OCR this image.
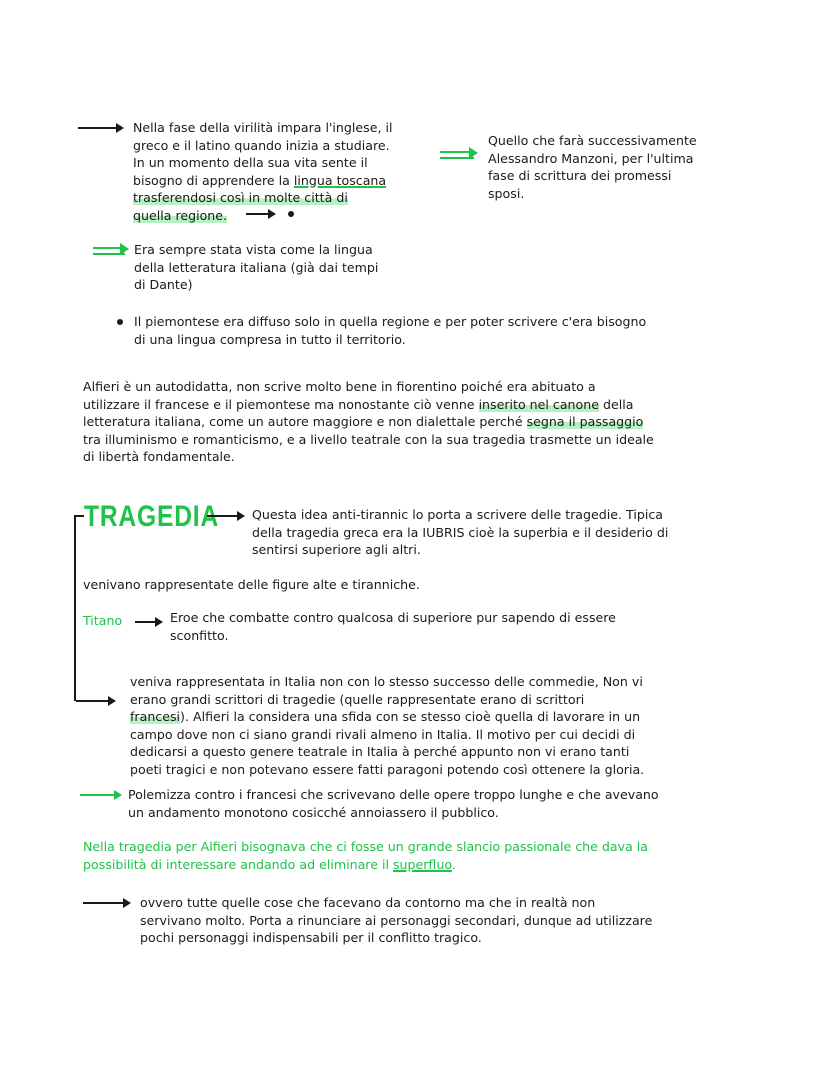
Nella fase della virilità impara l'inglese, il
greco e il latino quando inizia a studiare.
In un momento della sua vita sente il
bisogno di apprendere la lingua toscana
trasferendosi così in molte città di
quella regione.
Quello che farà successivamente
Alessandro Manzoni, per l'ultima
fase di scrittura dei promessi
sposi.
Era sempre stata vista come la lingua
della letteratura italiana (già dai tempi
di Dante)
Il piemontese era diffuso solo in quella regione e per poter scrivere c'era bisogno
di una lingua compresa in tutto il territorio.
Alfieri è un autodidatta, non scrive molto bene in fiorentino poiché era abituato a
utilizzare il francese e il piemontese ma nonostante ciò venne inserito nel canone della
letteratura italiana, come un autore maggiore e non dialettale perché segna il passaggio
tra illuminismo e romanticismo, e a livello teatrale con la sua tragedia trasmette un ideale
di libertà fondamentale.
TRAGEDIA	Questa idea anti-tirannic lo porta a scrivere delle tragedie. Tipica
della tragedia greca era la IUBRIS cioè la superbia e il desiderio di
sentirsi superiore agli altri.
venivano rappresentate delle figure alte e tiranniche.
Titano	Eroe che combatte contro qualcosa di superiore pur sapendo di essere
sconfitto.
veniva rappresentata in Italia non con lo stesso successo delle commedie, Non vi
erano grandi scrittori di tragedie (quelle rappresentate erano di scrittori
francesi). Alfieri la considera una sfida con se stesso cioè quella di lavorare in un
campo dove non ci siano grandi rivali almeno in Italia. Il motivo per cui decidi di
dedicarsi a questo genere teatrale in Italia à perché appunto non vi erano tanti
poeti tragici e non potevano essere fatti paragoni potendo così ottenere la gloria.
Polemizza contro i francesi che scrivevano delle opere troppo lunghe e che avevano
un andamento monotono cosicché annoiassero il pubblico.
Nella tragedia per Alfieri bisognava che ci fosse un grande slancio passionale che dava la
possibilità di interessare andando ad eliminare il superfluo.
ovvero tutte quelle cose che facevano da contorno ma che in realtà non
servivano molto. Porta a rinunciare ai personaggi secondari, dunque ad utilizzare
pochi personaggi indispensabili per il conflitto tragico.
